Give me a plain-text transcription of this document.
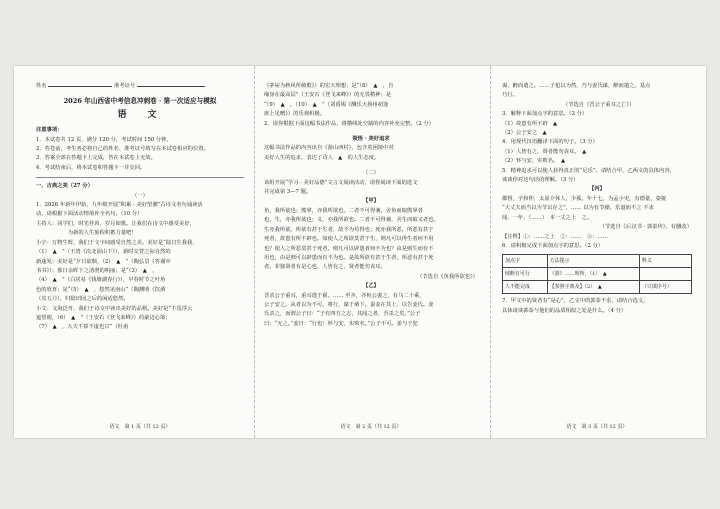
姓名	准考证号
2026 年山西省中考信息冲刺卷 · 第一次适应与模拟
语　文
注意事项：
1．本试卷共 12 页，满分 120 分，考试时间 150 分钟。
2．答卷前，考生务必将自己的姓名、准考证号填写在本试卷相应的位置。
3．答案全部在答题卡上完成，答在本试卷上无效。
4．考试结束后，将本试卷和答题卡一并交回。
一、古典之美（27 分）
（一）
1．2026 年新年伊始，九年级开展“积累 · 美好望潮”古诗文名句诵读活
动。请根据下面活动情境补全名句。（10 分）
主持人：同学们，时光荏苒，岁月如歌。让我们在诗文中感受美好，
　　　　　　为新的人生旅程积蓄力量吧！
小宇：万物生辉，我们于文字间感受自然之美。美好是“陆日生我我，
（1）　▲　”（王湾《次北固山下》），新时交替之际自然的
新蓬发；美好是“夕日欲颓，（2）　▲　”（陶弘景《答谢中
书书》）；那日余晖下之清澄的明丽；是“（3）　▲　，
（4）　▲　”（白居易《钱塘湖春行》），早春时节之叶角
色的欣喜；是“（5）　▲　，悠然见南山”（陶渊明《饮酒
（其五）》），归隐田园之后的闲适悠然。
小文：文海泛舟，我们于诗文中读出美好的品格。美好是“不畏浮云
遮望眼，（6）　▲　”（王安石《登飞来峰》）的豪迈心境；
（7）　▲　，大夫不算不虚也甘”（杜甫
语文　第 1 页（共 12 页）
《茅屋为秋风所破歌》）的宏大理想；是“（8）　▲　，自
缘身在最高层”（王安石《登飞来峰》）的无畏精神；是
“（9）　▲　，（10）　▲　”（刘禹锡《酬乐天扬州初逢
席上见赠》）的乐观积极。
2．请你根据下面这幅书法作品，将横线处空缺的内容补充完整。（2 分）
领悟 · 美好追求
这幅书法作品的内容出自《游山西村》，包含着困境中对
美好人生的追求，表达了诗人　▲　的人生态度。
（二）
该组开展“学习 · 美好品德”文言文阅读活动，请你阅读下面的选文
并完成第 3—7 题。
【甲】
鱼，我所欲也；熊掌，亦我所欲也。二者不可得兼，舍鱼而取熊掌者
也。生，亦我所欲也；义，亦我所欲也。二者不可得兼，舍生而取义者也。
生亦我所欲，所欲有甚于生者，故不为苟得也；死亦我所恶，所恶有甚于
死者，故患有所不辟也。如使人之所欲莫甚于生，则凡可以得生者何不用
也？使人之所恶莫甚于死者，则凡可以辟患者何不为也？由是则生而有不
用也，由是则可以辟患而有不为也。是故所欲有甚于生者，所恶有甚于死
者。非独贤者有是心也，人皆有之，贤者能勿丧耳。
（节选自《鱼我所欲也》）
【乙】
晋杀公子重耳，重耳逃于翟。…… 至齐，齐桓公妻之，有马二十乘，
公子安之。从者以为不可，将行，谋于桑下。蚕妾在其上，以告姜氏。姜
氏杀之，而谓公子曰：“子有四方之志，其闻之者，吾杀之矣。”公子
曰：“无之。”姜曰：“行也！怀与安，实败名。”公子不可。姜与子犯
语文　第 2 页（共 12 页）
谋，醉而遣之。……子犯以为然，乃与姜氏谋，醉而遣之。基点
乃行。
　　　　　　　　　　　　（节选自《晋公子重耳之亡》）
3．解释下面加点字的意思。（2 分）
（1）故患有所不辟　▲
（2）公子安之　▲
4．用现代汉语翻译下面的句子。（3 分）
（1）人皆有之，贤者能勿丧耳。　▲
（2）怀与安，实败名。　▲
5．精神追求可以使人获得真正的“足乐”。请结合甲、乙两文的具体内容，
谈谈你对这句话的理解。（3 分）
【丙】
都督，字和仲，太原介休人，少孤，年十七，为孟小吏，有德量，姿貌
“大丈夫而当以为节以存之”，…… 以为有节操，乐道而不之 不求
闻，一年，（……）　本一丈之上　之。
（节选自《后汉书 · 郭泰传》，有删改）
【注释】①：……之上　②：……　③：……
6．请积极完成下面加点字的意思。（2 分）
加点字	方法提示	释义
续断有可行	《游》……明所，（1）　▲	
人不能完成	【参照字典及】（2）　▲	（只填序号）
7．甲文中的贤者有“是心”，乙文中的郭泰不求，请结合选文，
具体谈谈郭泰与他们的品质相似之处是什么。（4 分）
语文　第 3 页（共 12 页）
